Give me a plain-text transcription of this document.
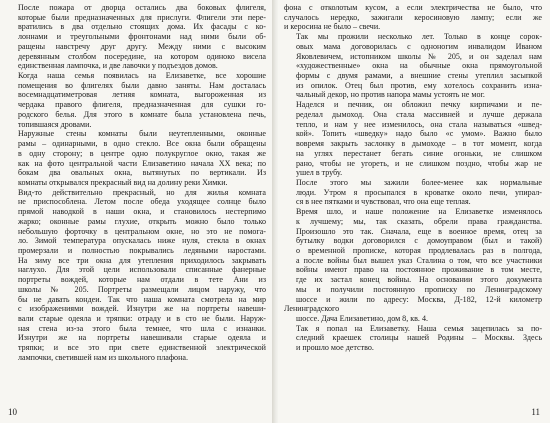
После пожара от дворца остались два боковых флигеля,
которые были предназначенных для прислуги. Флигели эти пере-
вратились в два отдельно стоящих дома. Их фасады с ко-
лоннами и треугольными фронтонами над ними были об-
ращены навстречу друг другу. Между ними с высоким
деревянным столбом посередине, на котором одиноко висела
единственная лампочка, и две лавочки у подъездов домов.

Когда наша семья появилась на Елизаветке, все хорошие
помещения во флигелях были давно заняты. Нам досталась
восемнадцатиметровая летняя комната, выгороженная из
чердака правого флигеля, предназначенная для сушки го-
родского белья. Для этого в комнате была установлена печь,
топившаяся дровами.

Наружные стены комнаты были неутепленными, оконные
рамы – одинарными, в одно стекло. Все окна были обращены
в одну сторону; в центре одно полукруглое окно, такая же
как на фото центральной части Елизаветино начала XX века; по
бокам два овальных окна, вытянутых по вертикали. Из
комнаты открывался прекрасный вид на долину реки Химки.

Вид-то действительно прекрасный, но для жилья комната
не приспособлена. Летом после обеда уходящее солнце было
прямой наводкой в наши окна, и становилось нестерпимо
жарко; оконные рамы глухие, открыть можно было только
небольшую форточку в центральном окне, но это не помога-
ло. Зимой температура опускалась ниже нуля, стекла в окнах
промерзали и полностью покрывались ледяными наростами.
На зиму все три окна для утепления приходилось закрывать
наглухо. Для этой цели использовали списанные фанерные
портреты вождей, которые нам отдали в тете Ани из
школы № 205. Портреты размещали лицом наружу, что
бы не давать кондеи. Так что наша комната смотрела на мир
с изображениями вождей. Изнутри же на портреты навеши-
вали старые одеяла и тряпки: отраду и в сто не были. Наруж-
ная стена из-за этого была темнее, что шла с изнанки.
Изнутри же на портреты навешивали старые одеяла и
тряпки; и все это при свете единственной электрической
лампочки, светившей нам из школьного плафона.

10

фона с отколотым кусом, а если электричества не было, что
случалось нередко, зажигали керосиновую лампу; если же
и керосина не было – свечи.

Так мы прожили несколько лет. Только в конце сорок-
овых мама договорилась с одноногим инвалидом Иваном
Яковлевичем, истопником школы № 205, и он заделал нам
«художественные» окна на обычные окна прямоугольной
формы с двумя рамами, а внешние стены утеплил засыпкой
из опилок. Отец был против, ему хотелось сохранить изна-
чальный декор, но против напора мамы устоять не мог.

Наделся и печник, он обложил печку кирпичами и пе-
ределал дымоход. Она стала массивней и лучше держала
тепло, и нам у нее изменилось, она стала называться «швед-
кой». Топить «шведку» надо было «с умом». Важно было
вовремя закрыть заслонку в дымоходе – в тот момент, когда
на углях перестанет бегать синие огоньки, не слишком
рано, чтобы не угореть, и не слишком поздно, чтобы жар не
ушел в трубу.

После этого мы зажили более-менее как нормальные
люди. Утром я просыпался в кроватке около печи, упирал-
ся в нее пятками и чувствовал, что она еще теплая.

Время шло, и наше положение на Елизаветке изменялось
к лучшему; мы, так сказать, обрели права гражданства.
Произошло это так. Сначала, еще в военное время, отец за
бутылку водки договорился с домоуправом (был и такой)
о временной прописке, которая продлевалась раз в полгода,
а после войны был вышел указ Сталина о том, что все участники
войны имеют право на постоянное проживание в том месте,
где их застал конец войны. На основании этого документа
мы и получили постоянную прописку по Ленинградскому
шоссе и жили по адресу: Москва, Д-182, 12-й километр Ленинградского
шоссе. Дача Елизаветино, дом 8, кв. 4.

Так я попал на Елизаветку. Наша семья зацепилась за по-
следний краешек столицы нашей Родины – Москвы. Здесь
и прошло мое детство.

11
